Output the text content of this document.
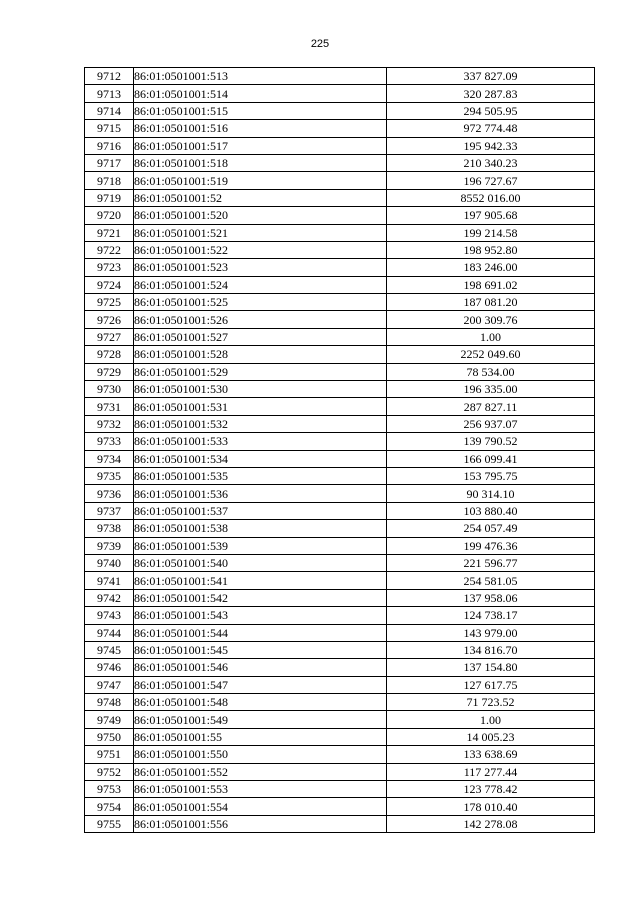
225
9712	86:01:0501001:513	337 827.09
9713	86:01:0501001:514	320 287.83
9714	86:01:0501001:515	294 505.95
9715	86:01:0501001:516	972 774.48
9716	86:01:0501001:517	195 942.33
9717	86:01:0501001:518	210 340.23
9718	86:01:0501001:519	196 727.67
9719	86:01:0501001:52	8552 016.00
9720	86:01:0501001:520	197 905.68
9721	86:01:0501001:521	199 214.58
9722	86:01:0501001:522	198 952.80
9723	86:01:0501001:523	183 246.00
9724	86:01:0501001:524	198 691.02
9725	86:01:0501001:525	187 081.20
9726	86:01:0501001:526	200 309.76
9727	86:01:0501001:527	1.00
9728	86:01:0501001:528	2252 049.60
9729	86:01:0501001:529	78 534.00
9730	86:01:0501001:530	196 335.00
9731	86:01:0501001:531	287 827.11
9732	86:01:0501001:532	256 937.07
9733	86:01:0501001:533	139 790.52
9734	86:01:0501001:534	166 099.41
9735	86:01:0501001:535	153 795.75
9736	86:01:0501001:536	90 314.10
9737	86:01:0501001:537	103 880.40
9738	86:01:0501001:538	254 057.49
9739	86:01:0501001:539	199 476.36
9740	86:01:0501001:540	221 596.77
9741	86:01:0501001:541	254 581.05
9742	86:01:0501001:542	137 958.06
9743	86:01:0501001:543	124 738.17
9744	86:01:0501001:544	143 979.00
9745	86:01:0501001:545	134 816.70
9746	86:01:0501001:546	137 154.80
9747	86:01:0501001:547	127 617.75
9748	86:01:0501001:548	71 723.52
9749	86:01:0501001:549	1.00
9750	86:01:0501001:55	14 005.23
9751	86:01:0501001:550	133 638.69
9752	86:01:0501001:552	117 277.44
9753	86:01:0501001:553	123 778.42
9754	86:01:0501001:554	178 010.40
9755	86:01:0501001:556	142 278.08
